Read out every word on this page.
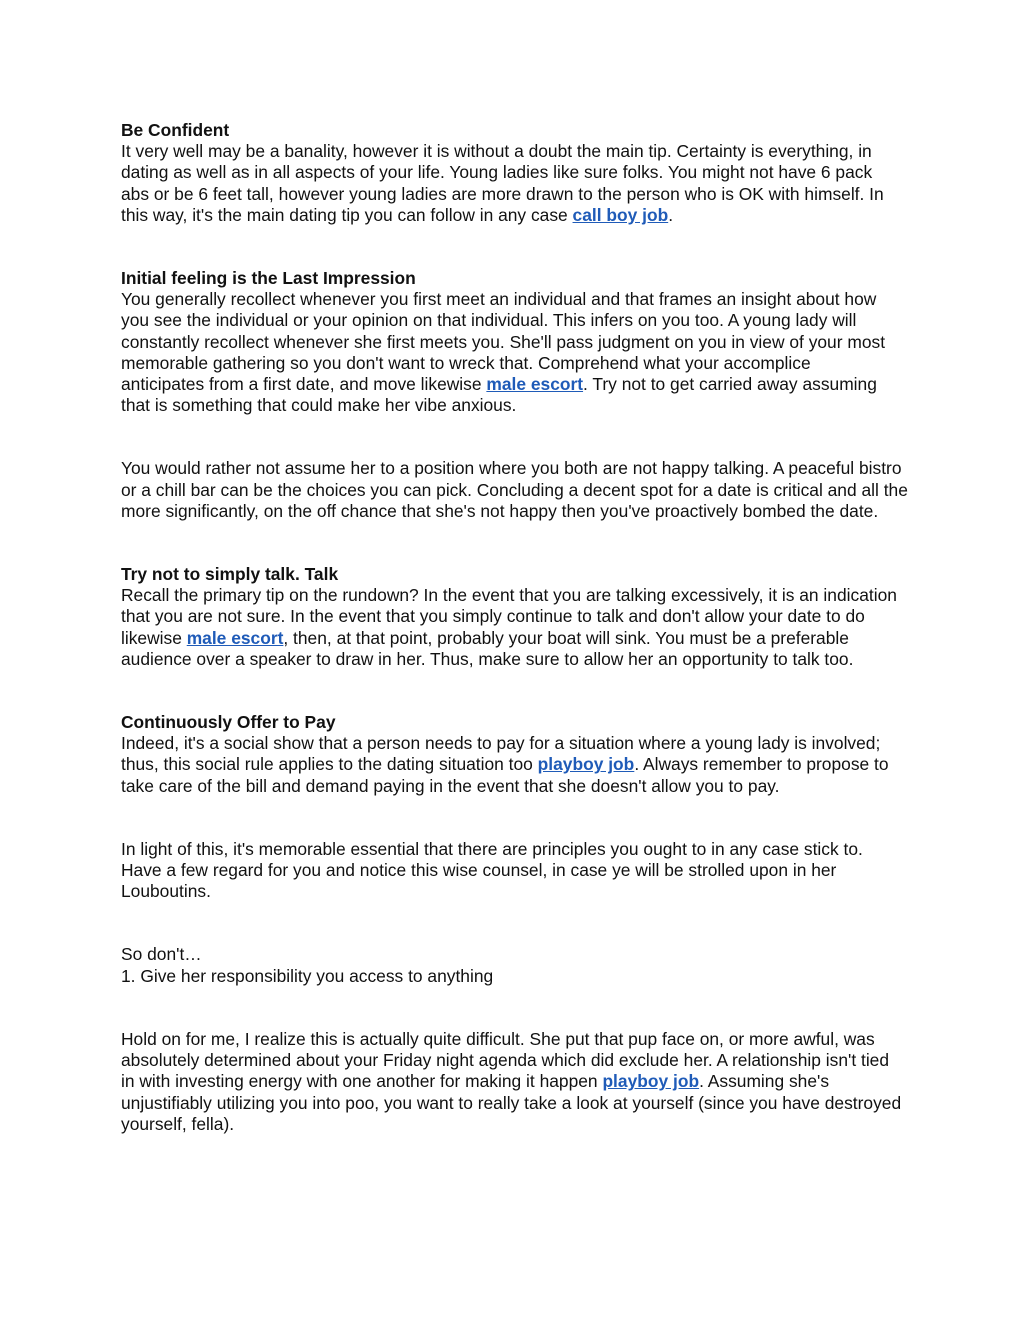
Be Confident
It very well may be a banality, however it is without a doubt the main tip. Certainty is everything, in dating as well as in all aspects of your life. Young ladies like sure folks. You might not have 6 pack abs or be 6 feet tall, however young ladies are more drawn to the person who is OK with himself. In this way, it's the main dating tip you can follow in any case call boy job.
Initial feeling is the Last Impression
You generally recollect whenever you first meet an individual and that frames an insight about how you see the individual or your opinion on that individual. This infers on you too. A young lady will constantly recollect whenever she first meets you. She'll pass judgment on you in view of your most memorable gathering so you don't want to wreck that. Comprehend what your accomplice anticipates from a first date, and move likewise male escort. Try not to get carried away assuming that is something that could make her vibe anxious.
You would rather not assume her to a position where you both are not happy talking. A peaceful bistro or a chill bar can be the choices you can pick. Concluding a decent spot for a date is critical and all the more significantly, on the off chance that she's not happy then you've proactively bombed the date.
Try not to simply talk. Talk
Recall the primary tip on the rundown? In the event that you are talking excessively, it is an indication that you are not sure. In the event that you simply continue to talk and don't allow your date to do likewise male escort, then, at that point, probably your boat will sink. You must be a preferable audience over a speaker to draw in her. Thus, make sure to allow her an opportunity to talk too.
Continuously Offer to Pay
Indeed, it's a social show that a person needs to pay for a situation where a young lady is involved; thus, this social rule applies to the dating situation too playboy job. Always remember to propose to take care of the bill and demand paying in the event that she doesn't allow you to pay.
In light of this, it's memorable essential that there are principles you ought to in any case stick to. Have a few regard for you and notice this wise counsel, in case ye will be strolled upon in her Louboutins.
So don't…
1. Give her responsibility you access to anything
Hold on for me, I realize this is actually quite difficult. She put that pup face on, or more awful, was absolutely determined about your Friday night agenda which did exclude her. A relationship isn't tied in with investing energy with one another for making it happen playboy job. Assuming she's unjustifiably utilizing you into poo, you want to really take a look at yourself (since you have destroyed yourself, fella).
